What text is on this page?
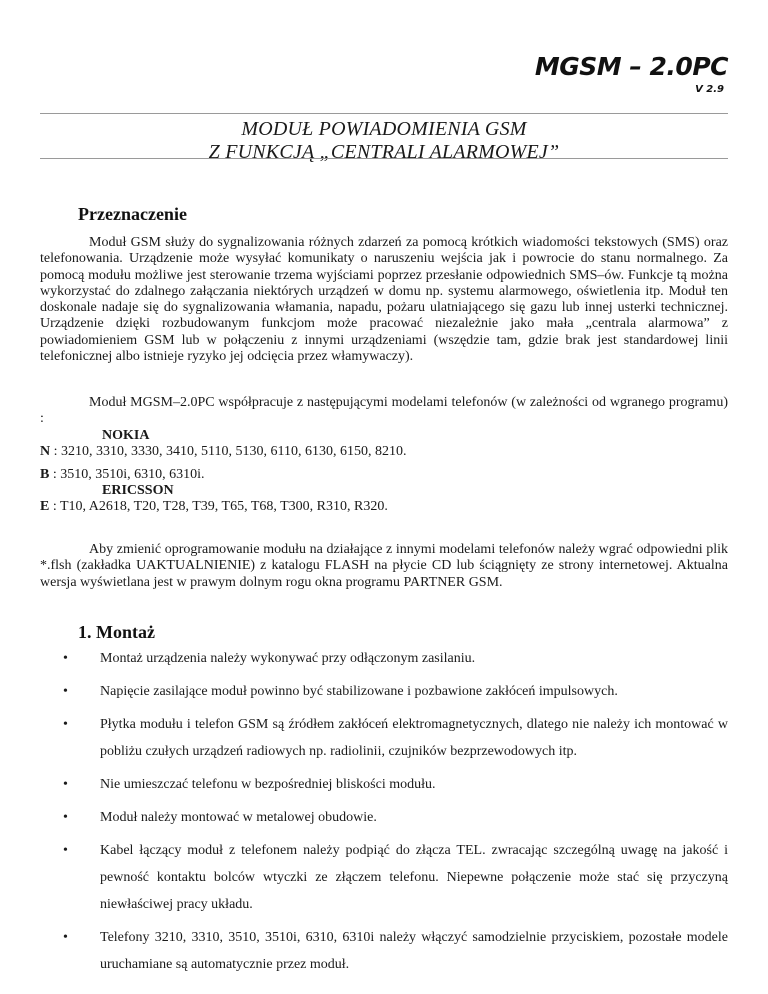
MGSM – 2.0PC
V 2.9
MODUŁ POWIADOMIENIA GSM
Z FUNKCJĄ „CENTRALI ALARMOWEJ”
Przeznaczenie

Moduł GSM służy do sygnalizowania różnych zdarzeń za pomocą krótkich wiadomości tekstowych (SMS) oraz telefonowania. Urządzenie może wysyłać komunikaty o naruszeniu wejścia jak i powrocie do stanu normalnego. Za pomocą modułu możliwe jest sterowanie trzema wyjściami poprzez przesłanie odpowiednich SMS–ów. Funkcje tą można wykorzystać do zdalnego załączania niektórych urządzeń w domu np. systemu alarmowego, oświetlenia itp. Moduł ten doskonale nadaje się do sygnalizowania włamania, napadu, pożaru ulatniającego się gazu lub innej usterki technicznej. Urządzenie dzięki rozbudowanym funkcjom może pracować niezależnie jako mała „centrala alarmowa” z powiadomieniem GSM lub w połączeniu z innymi urządzeniami (wszędzie tam, gdzie brak jest standardowej linii telefonicznej albo istnieje ryzyko jej odcięcia przez włamywaczy).

Moduł MGSM–2.0PC współpracuje z następującymi modelami telefonów (w zależności od wgranego programu) :

NOKIA
N : 3210, 3310, 3330, 3410, 5110, 5130, 6110, 6130, 6150, 8210.
B : 3510, 3510i, 6310, 6310i.
ERICSSON
E : T10, A2618, T20, T28, T39, T65, T68, T300, R310, R320.

Aby zmienić oprogramowanie modułu na działające z innymi modelami telefonów należy wgrać odpowiedni plik *.flsh (zakładka UAKTUALNIENIE) z katalogu FLASH na płycie CD lub ściągnięty ze strony internetowej. Aktualna wersja wyświetlana jest w prawym dolnym rogu okna programu PARTNER GSM.

1. Montaż
• Montaż urządzenia należy wykonywać przy odłączonym zasilaniu.
• Napięcie zasilające moduł powinno być stabilizowane i pozbawione zakłóceń impulsowych.
• Płytka modułu i telefon GSM są źródłem zakłóceń elektromagnetycznych, dlatego nie należy ich montować w pobliżu czułych urządzeń radiowych np. radiolinii, czujników bezprzewodowych itp.
• Nie umieszczać telefonu w bezpośredniej bliskości modułu.
• Moduł należy montować w metalowej obudowie.
• Kabel łączący moduł z telefonem należy podpiąć do złącza TEL. zwracając szczególną uwagę na jakość i pewność kontaktu bolców wtyczki ze złączem telefonu. Niepewne połączenie może stać się przyczyną niewłaściwej pracy układu.
• Telefony 3210, 3310, 3510, 3510i, 6310, 6310i należy włączyć samodzielnie przyciskiem, pozostałe modele uruchamiane są automatycznie przez moduł.
